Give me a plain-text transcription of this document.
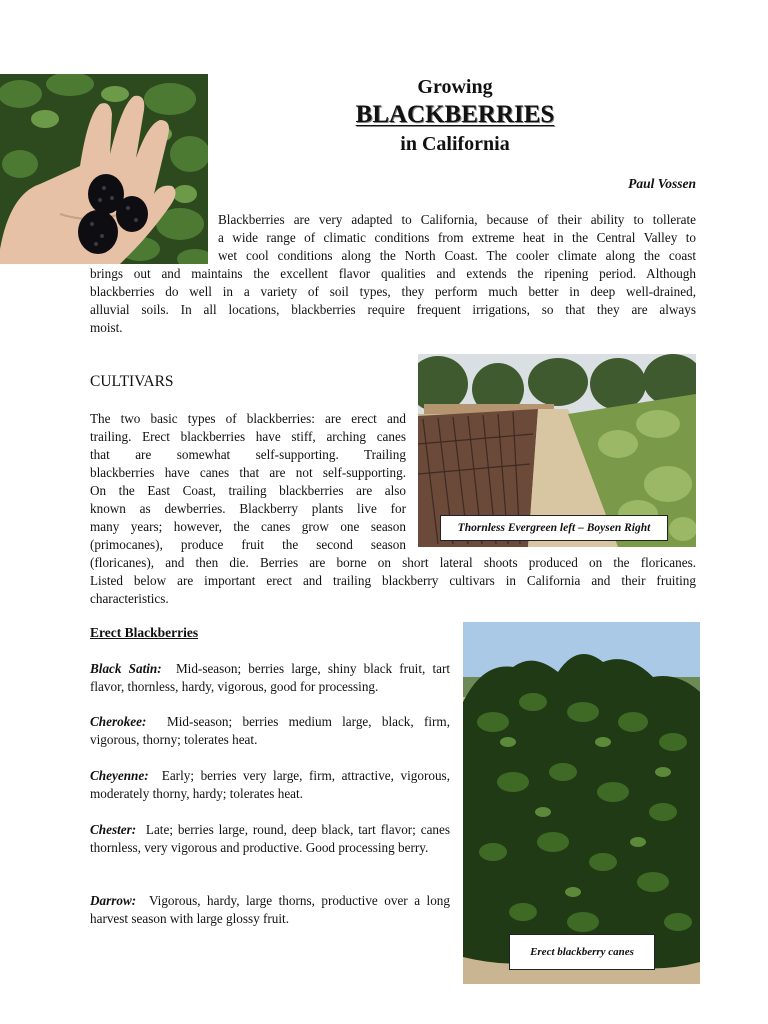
Growing
BLACKBERRIES
in California
Paul Vossen
Blackberries are very adapted to California, because of their ability to tollerate
a wide range of climatic conditions from extreme heat in the Central Valley to
wet cool conditions along the North Coast. The cooler climate along the coast
brings out and maintains the excellent flavor qualities and extends the ripening period. Although
blackberries do well in a variety of soil types, they perform much better in deep well-drained,
alluvial soils. In all locations, blackberries require frequent irrigations, so that they are always
moist.
Thornless Evergreen left – Boysen Right
CULTIVARS
The two basic types of blackberries: are erect and
trailing. Erect blackberries have stiff, arching canes
that are somewhat self-supporting. Trailing
blackberries have canes that are not self-supporting.
On the East Coast, trailing blackberries are also
known as dewberries. Blackberry plants live for
many years; however, the canes grow one season
(primocanes), produce fruit the second season
(floricanes), and then die. Berries are borne on short lateral shoots produced on the floricanes.
Listed below are important erect and trailing blackberry cultivars in California and their fruiting
characteristics.
Erect Blackberries
Black Satin: Mid-season; berries large, shiny black fruit, tart flavor, thornless, hardy, vigorous, good for processing.
Cherokee: Mid-season; berries medium large, black, firm, vigorous, thorny; tolerates heat.
Cheyenne: Early; berries very large, firm, attractive, vigorous, moderately thorny, hardy; tolerates heat.
Chester: Late; berries large, round, deep black, tart flavor; canes thornless, very vigorous and productive. Good processing berry.
Darrow: Vigorous, hardy, large thorns, productive over a long harvest season with large glossy fruit.
Erect blackberry canes
